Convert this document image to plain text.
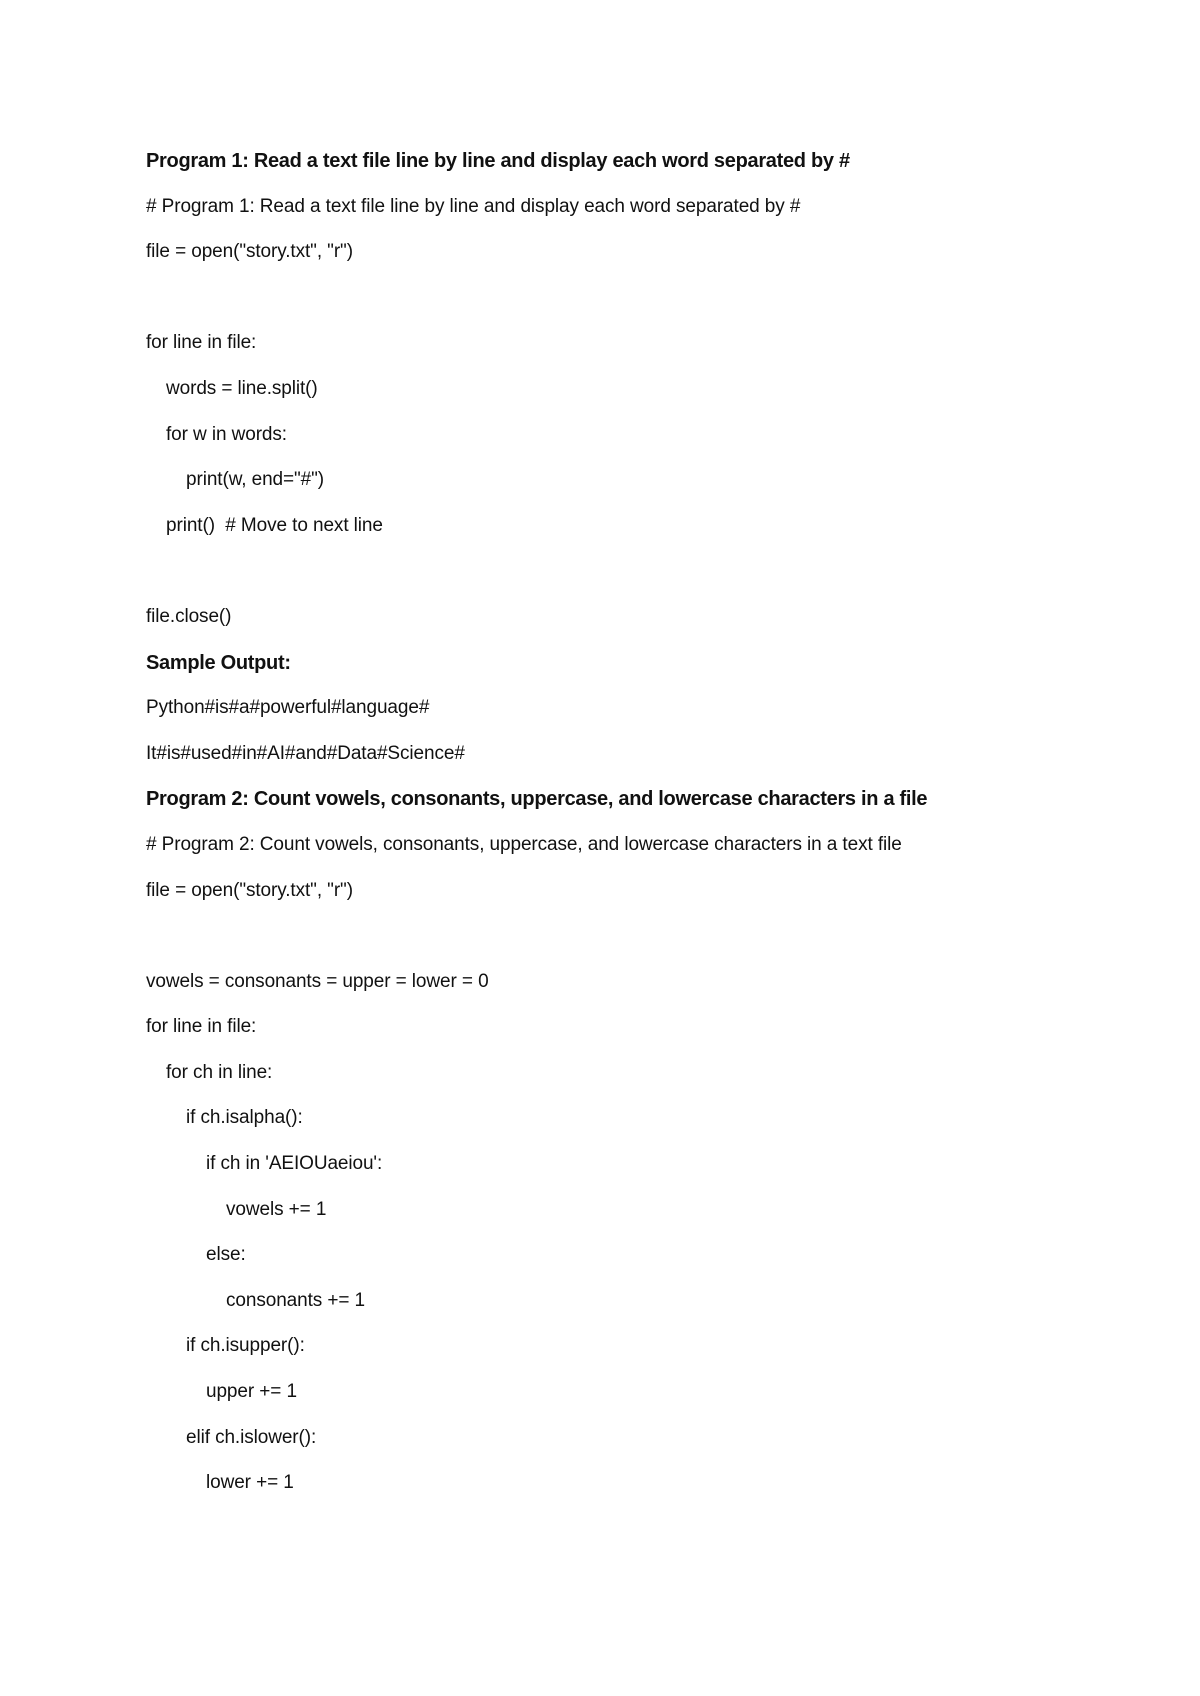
Program 1: Read a text file line by line and display each word separated by #
# Program 1: Read a text file line by line and display each word separated by #
file = open("story.txt", "r")
for line in file:
words = line.split()
for w in words:
print(w, end="#")
print()  # Move to next line
file.close()
Sample Output:
Python#is#a#powerful#language#
It#is#used#in#AI#and#Data#Science#
Program 2: Count vowels, consonants, uppercase, and lowercase characters in a file
# Program 2: Count vowels, consonants, uppercase, and lowercase characters in a text file
file = open("story.txt", "r")
vowels = consonants = upper = lower = 0
for line in file:
for ch in line:
if ch.isalpha():
if ch in 'AEIOUaeiou':
vowels += 1
else:
consonants += 1
if ch.isupper():
upper += 1
elif ch.islower():
lower += 1
